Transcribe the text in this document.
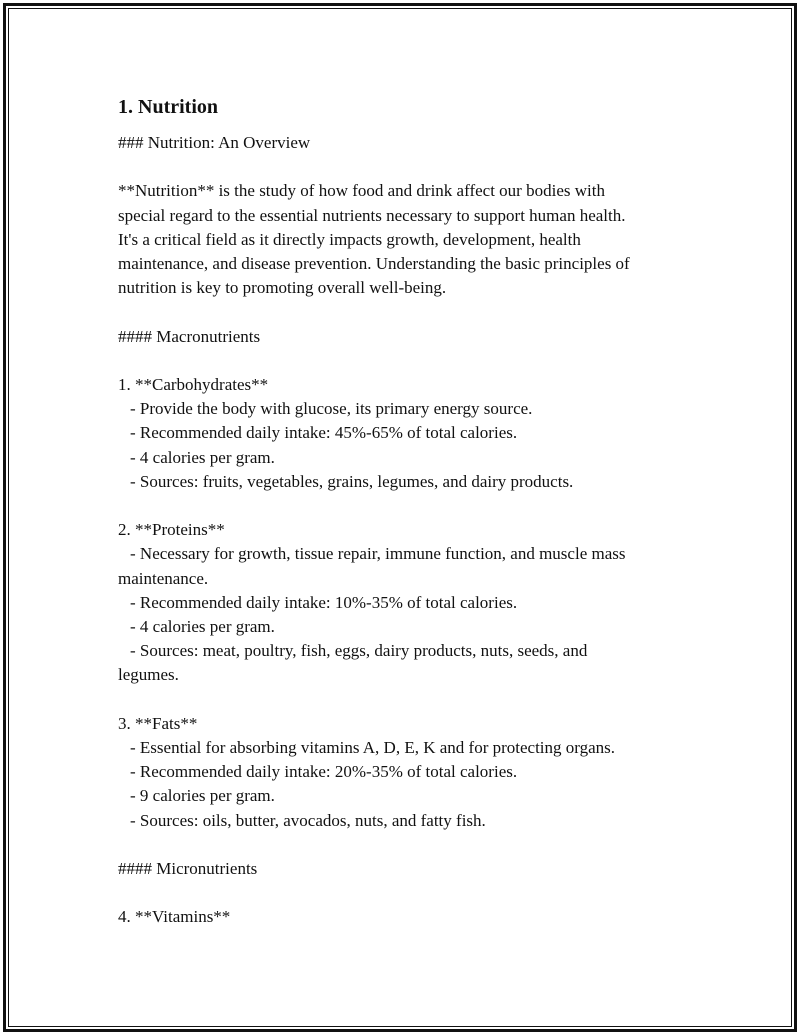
1. Nutrition
### Nutrition: An Overview
**Nutrition** is the study of how food and drink affect our bodies with
special regard to the essential nutrients necessary to support human health.
It's a critical field as it directly impacts growth, development, health
maintenance, and disease prevention. Understanding the basic principles of
nutrition is key to promoting overall well-being.
#### Macronutrients
1. **Carbohydrates**
- Provide the body with glucose, its primary energy source.
- Recommended daily intake: 45%-65% of total calories.
- 4 calories per gram.
- Sources: fruits, vegetables, grains, legumes, and dairy products.
2. **Proteins**
- Necessary for growth, tissue repair, immune function, and muscle mass
maintenance.
- Recommended daily intake: 10%-35% of total calories.
- 4 calories per gram.
- Sources: meat, poultry, fish, eggs, dairy products, nuts, seeds, and
legumes.
3. **Fats**
- Essential for absorbing vitamins A, D, E, K and for protecting organs.
- Recommended daily intake: 20%-35% of total calories.
- 9 calories per gram.
- Sources: oils, butter, avocados, nuts, and fatty fish.
#### Micronutrients
4. **Vitamins**
